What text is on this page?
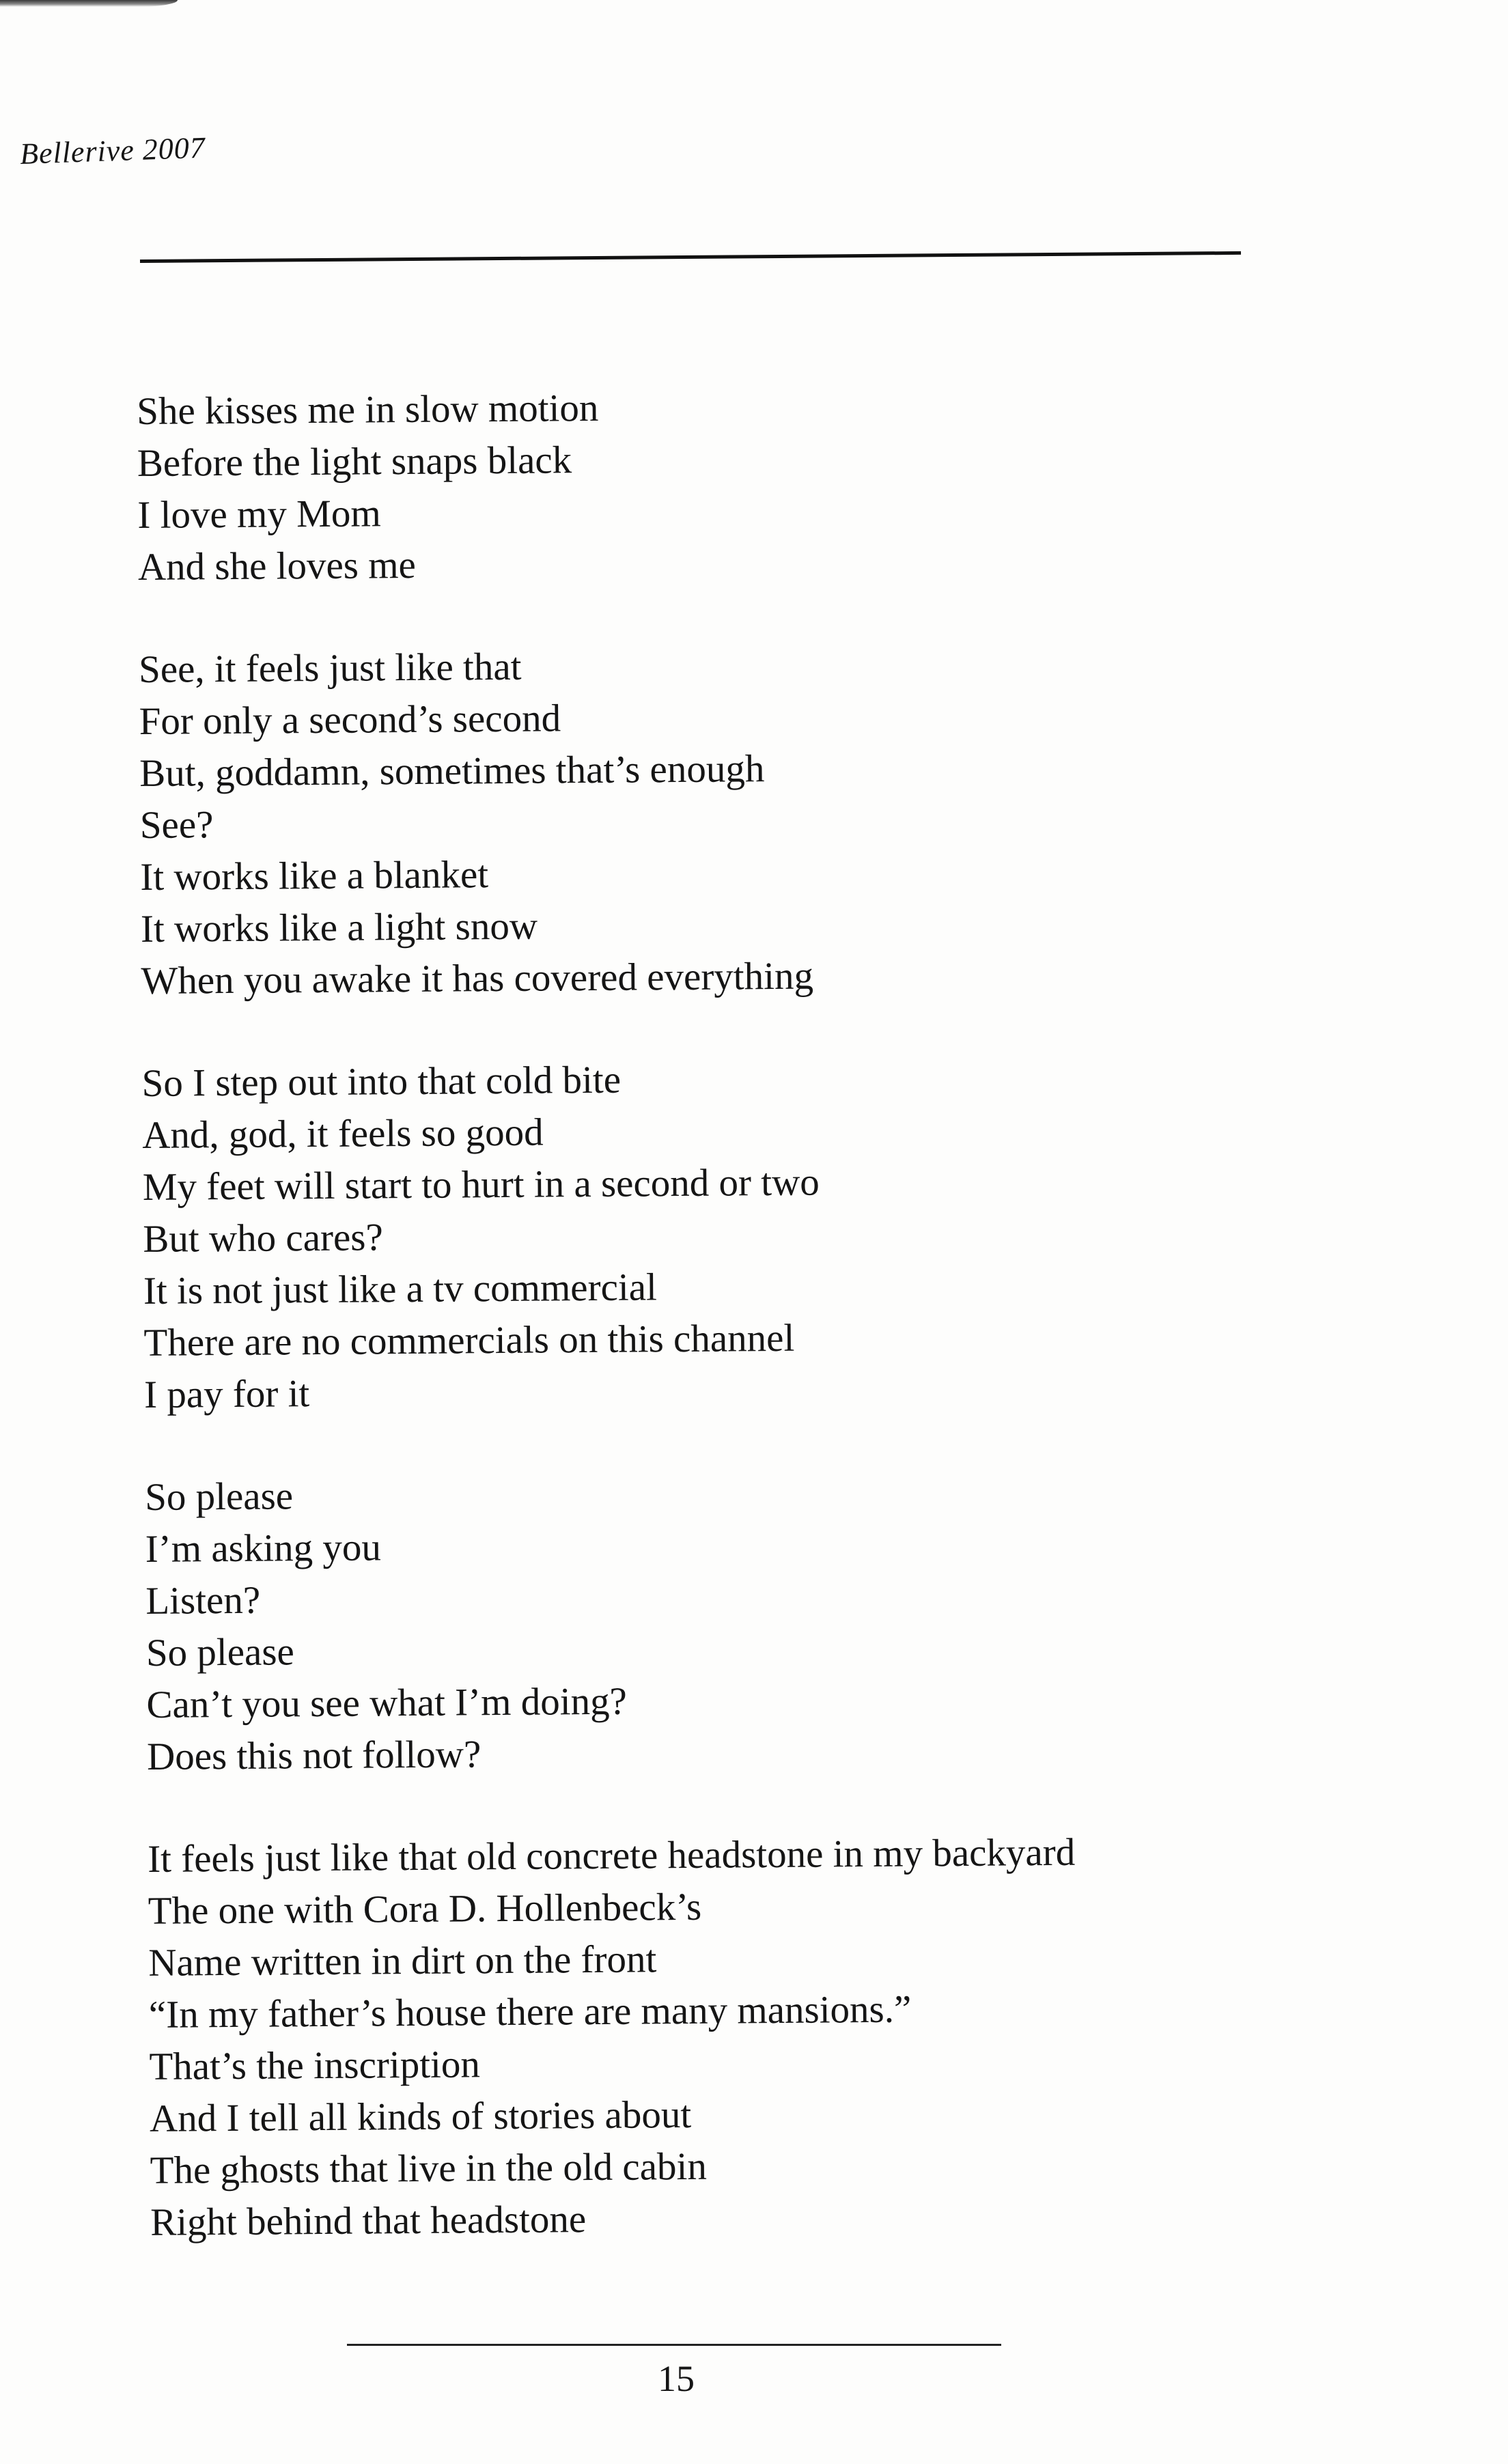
Bellerive 2007
She kisses me in slow motion
Before the light snaps black
I love my Mom
And she loves me
See, it feels just like that
For only a second’s second
But, goddamn, sometimes that’s enough
See?
It works like a blanket
It works like a light snow
When you awake it has covered everything
So I step out into that cold bite
And, god, it feels so good
My feet will start to hurt in a second or two
But who cares?
It is not just like a tv commercial
There are no commercials on this channel
I pay for it
So please
I’m asking you
Listen?
So please
Can’t you see what I’m doing?
Does this not follow?
It feels just like that old concrete headstone in my backyard
The one with Cora D. Hollenbeck’s
Name written in dirt on the front
“In my father’s house there are many mansions.”
That’s the inscription
And I tell all kinds of stories about
The ghosts that live in the old cabin
Right behind that headstone
15
